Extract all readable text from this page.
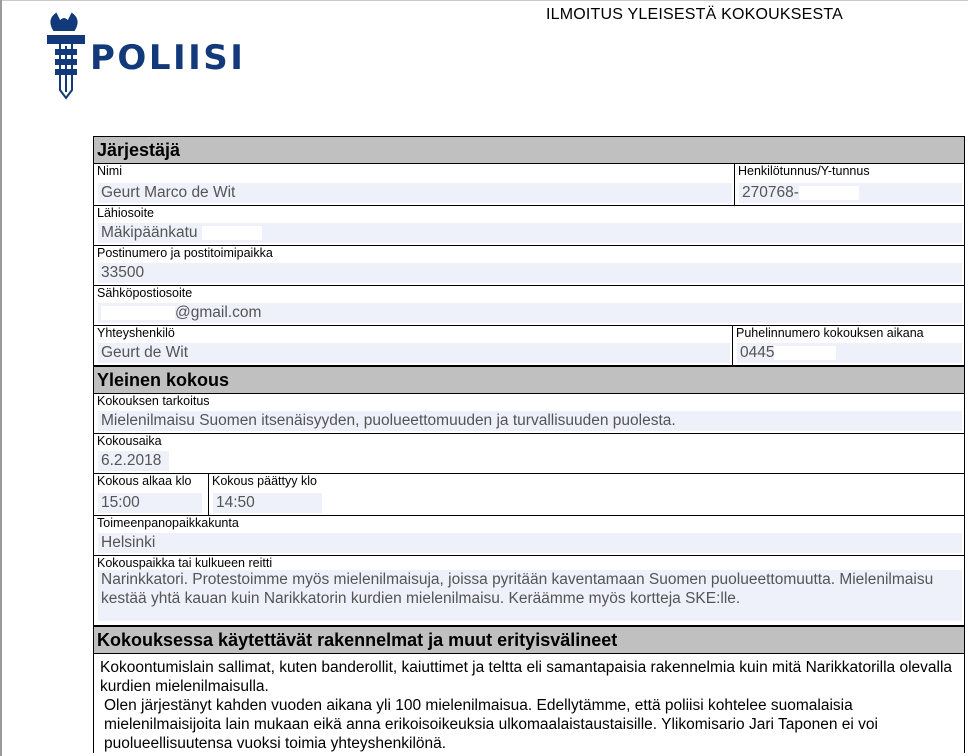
POLIISI
ILMOITUS YLEISESTÄ KOKOUKSESTA
Järjestäjä
Nimi
Geurt Marco de Wit
Henkilötunnus/Y-tunnus
270768-
Lähiosoite
Mäkipäänkatu
Postinumero ja postitoimipaikka
33500
Sähköpostiosoite
@gmail.com
Yhteyshenkilö
Geurt de Wit
Puhelinnumero kokouksen aikana
0445
Yleinen kokous
Kokouksen tarkoitus
Mielenilmaisu Suomen itsenäisyyden, puolueettomuuden ja turvallisuuden puolesta.
Kokousaika
6.2.2018
Kokous alkaa klo
15:00
Kokous päättyy klo
14:50
Toimeenpanopaikkakunta
Helsinki
Kokouspaikka tai kulkueen reitti
Narinkkatori. Protestoimme myös mielenilmaisuja, joissa pyritään kaventamaan Suomen puolueettomuutta. Mielenilmaisu kestää yhtä kauan kuin Narikkatorin kurdien mielenilmaisu. Keräämme myös kortteja SKE:lle.
Kokouksessa käytettävät rakennelmat ja muut erityisvälineet

Kokoontumislain sallimat, kuten banderollit, kaiuttimet ja teltta eli samantapaisia rakennelmia kuin mitä Narikkatorilla olevalla kurdien mielenilmaisulla.

Olen järjestänyt kahden vuoden aikana yli 100 mielenilmaisua. Edellytämme, että poliisi kohtelee suomalaisia mielenilmaisijoita lain mukaan eikä anna erikoisoikeuksia ulkomaalaistaustaisille. Ylikomisario Jari Taponen ei voi puolueellisuutensa vuoksi toimia yhteyshenkilönä.
